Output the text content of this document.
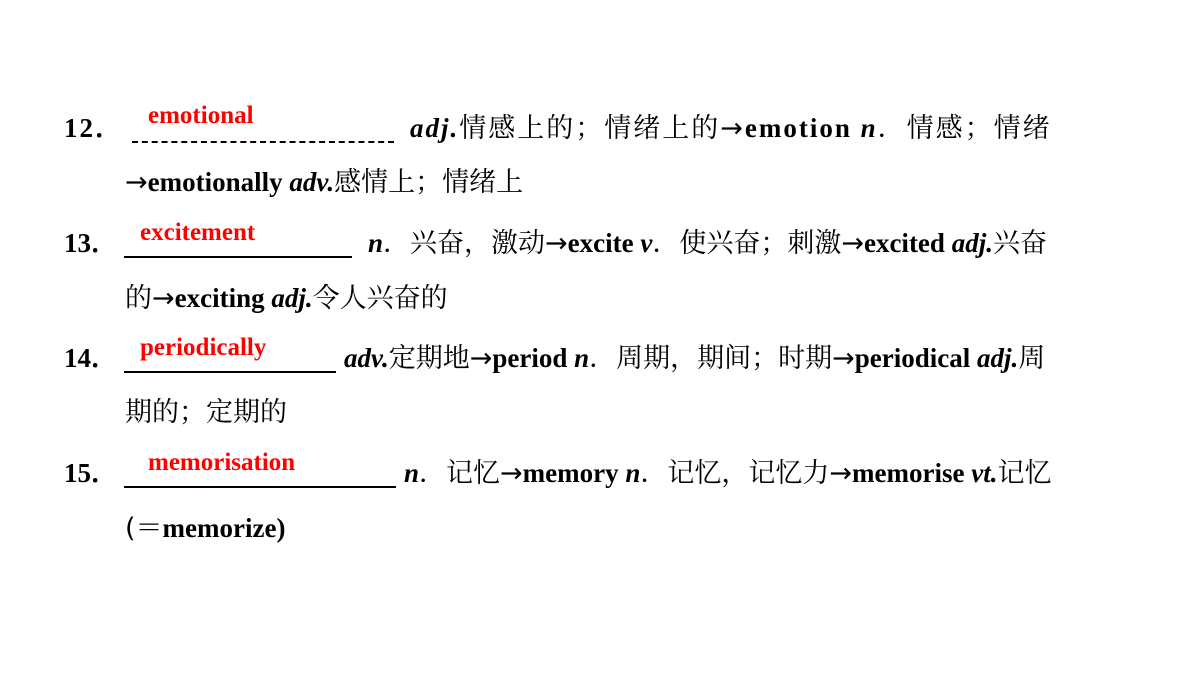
12． emotional	adj.情感上的；情绪上的→emotion n．情感；情绪
→emotionally adv.感情上；情绪上
13． excitement	n．兴奋，激动→excite v．使兴奋；刺激→excited adj.兴奋
的→exciting adj.令人兴奋的
14． periodically	adv.定期地→period n．周期，期间；时期→periodical adj.周
期的；定期的
15． memorisation	n．记忆→memory n．记忆，记忆力→memorise vt.记忆
(＝memorize)
